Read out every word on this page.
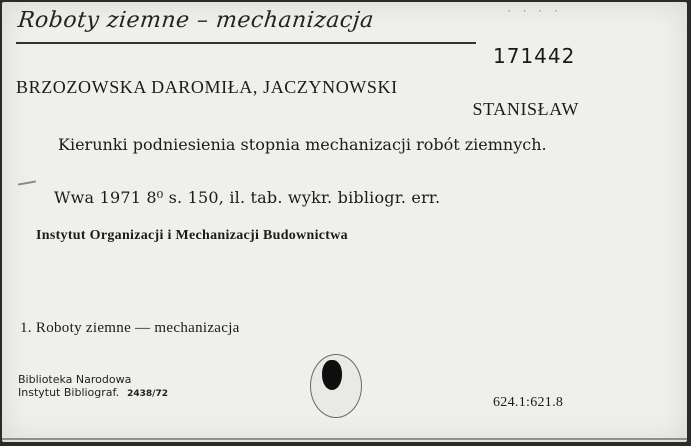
· · · ·
Roboty ziemne – mechanizacja
171442
BRZOZOWSKA DAROMIŁA, JACZYNOWSKI
STANISŁAW
Kierunki podniesienia stopnia mechanizacji robót ziemnych.
Wwa 1971 8⁰ s. 150, il. tab. wykr. bibliogr. err.
Instytut Organizacji i Mechanizacji Budownictwa
1. Roboty ziemne — mechanizacja
Biblioteka Narodowa
Instytut Bibliograf. 2438/72
624.1:621.8
